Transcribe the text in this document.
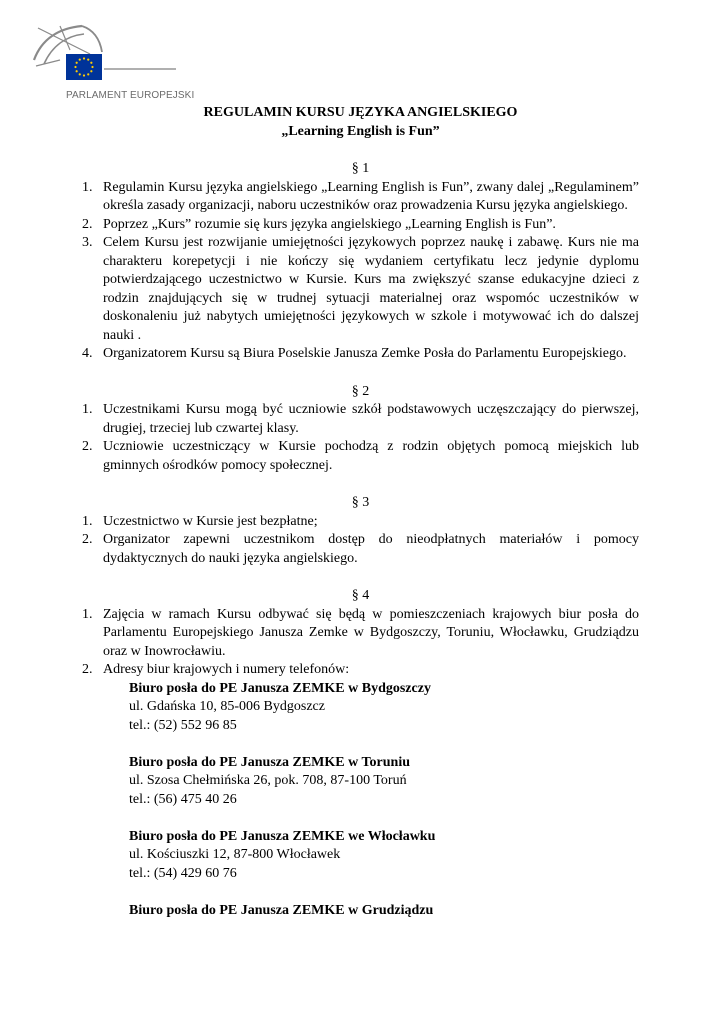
PARLAMENT EUROPEJSKI

REGULAMIN KURSU JĘZYKA ANGIELSKIEGO

„Learning English is Fun”

§ 1

1. Regulamin Kursu języka angielskiego „Learning English is Fun”, zwany dalej „Regulaminem” określa zasady organizacji, naboru uczestników oraz prowadzenia Kursu języka angielskiego.
2. Poprzez „Kurs” rozumie się kurs języka angielskiego „Learning English is Fun”.
3. Celem Kursu jest rozwijanie umiejętności językowych poprzez naukę i zabawę. Kurs nie ma charakteru korepetycji i nie kończy się wydaniem certyfikatu lecz jedynie dyplomu potwierdzającego uczestnictwo w Kursie. Kurs ma zwiększyć szanse edukacyjne dzieci z rodzin znajdujących się w trudnej sytuacji materialnej oraz wspomóc uczestników w doskonaleniu już nabytych umiejętności językowych w szkole i motywować ich do dalszej nauki .
4. Organizatorem Kursu są Biura Poselskie Janusza Zemke Posła do Parlamentu Europejskiego.

§ 2

1. Uczestnikami Kursu mogą być uczniowie szkół podstawowych uczęszczający do pierwszej, drugiej, trzeciej lub czwartej klasy.
2. Uczniowie uczestniczący w Kursie pochodzą z rodzin objętych pomocą miejskich lub gminnych ośrodków pomocy społecznej.

§ 3

1. Uczestnictwo w Kursie jest bezpłatne;
2. Organizator zapewni uczestnikom dostęp do nieodpłatnych materiałów i pomocy dydaktycznych do nauki języka angielskiego.

§ 4

1. Zajęcia w ramach Kursu odbywać się będą w pomieszczeniach krajowych biur posła do Parlamentu Europejskiego Janusza Zemke w Bydgoszczy, Toruniu, Włocławku, Grudziądzu oraz w Inowrocławiu.
2. Adresy biur krajowych i numery telefonów:
Biuro posła do PE Janusza ZEMKE w Bydgoszczy
ul. Gdańska 10, 85-006 Bydgoszcz
tel.: (52) 552 96 85
Biuro posła do PE Janusza ZEMKE w Toruniu
ul. Szosa Chełmińska 26, pok. 708, 87-100 Toruń
tel.: (56) 475 40 26
Biuro posła do PE Janusza ZEMKE we Włocławku
ul. Kościuszki 12, 87-800 Włocławek
tel.: (54) 429 60 76
Biuro posła do PE Janusza ZEMKE w Grudziądzu
